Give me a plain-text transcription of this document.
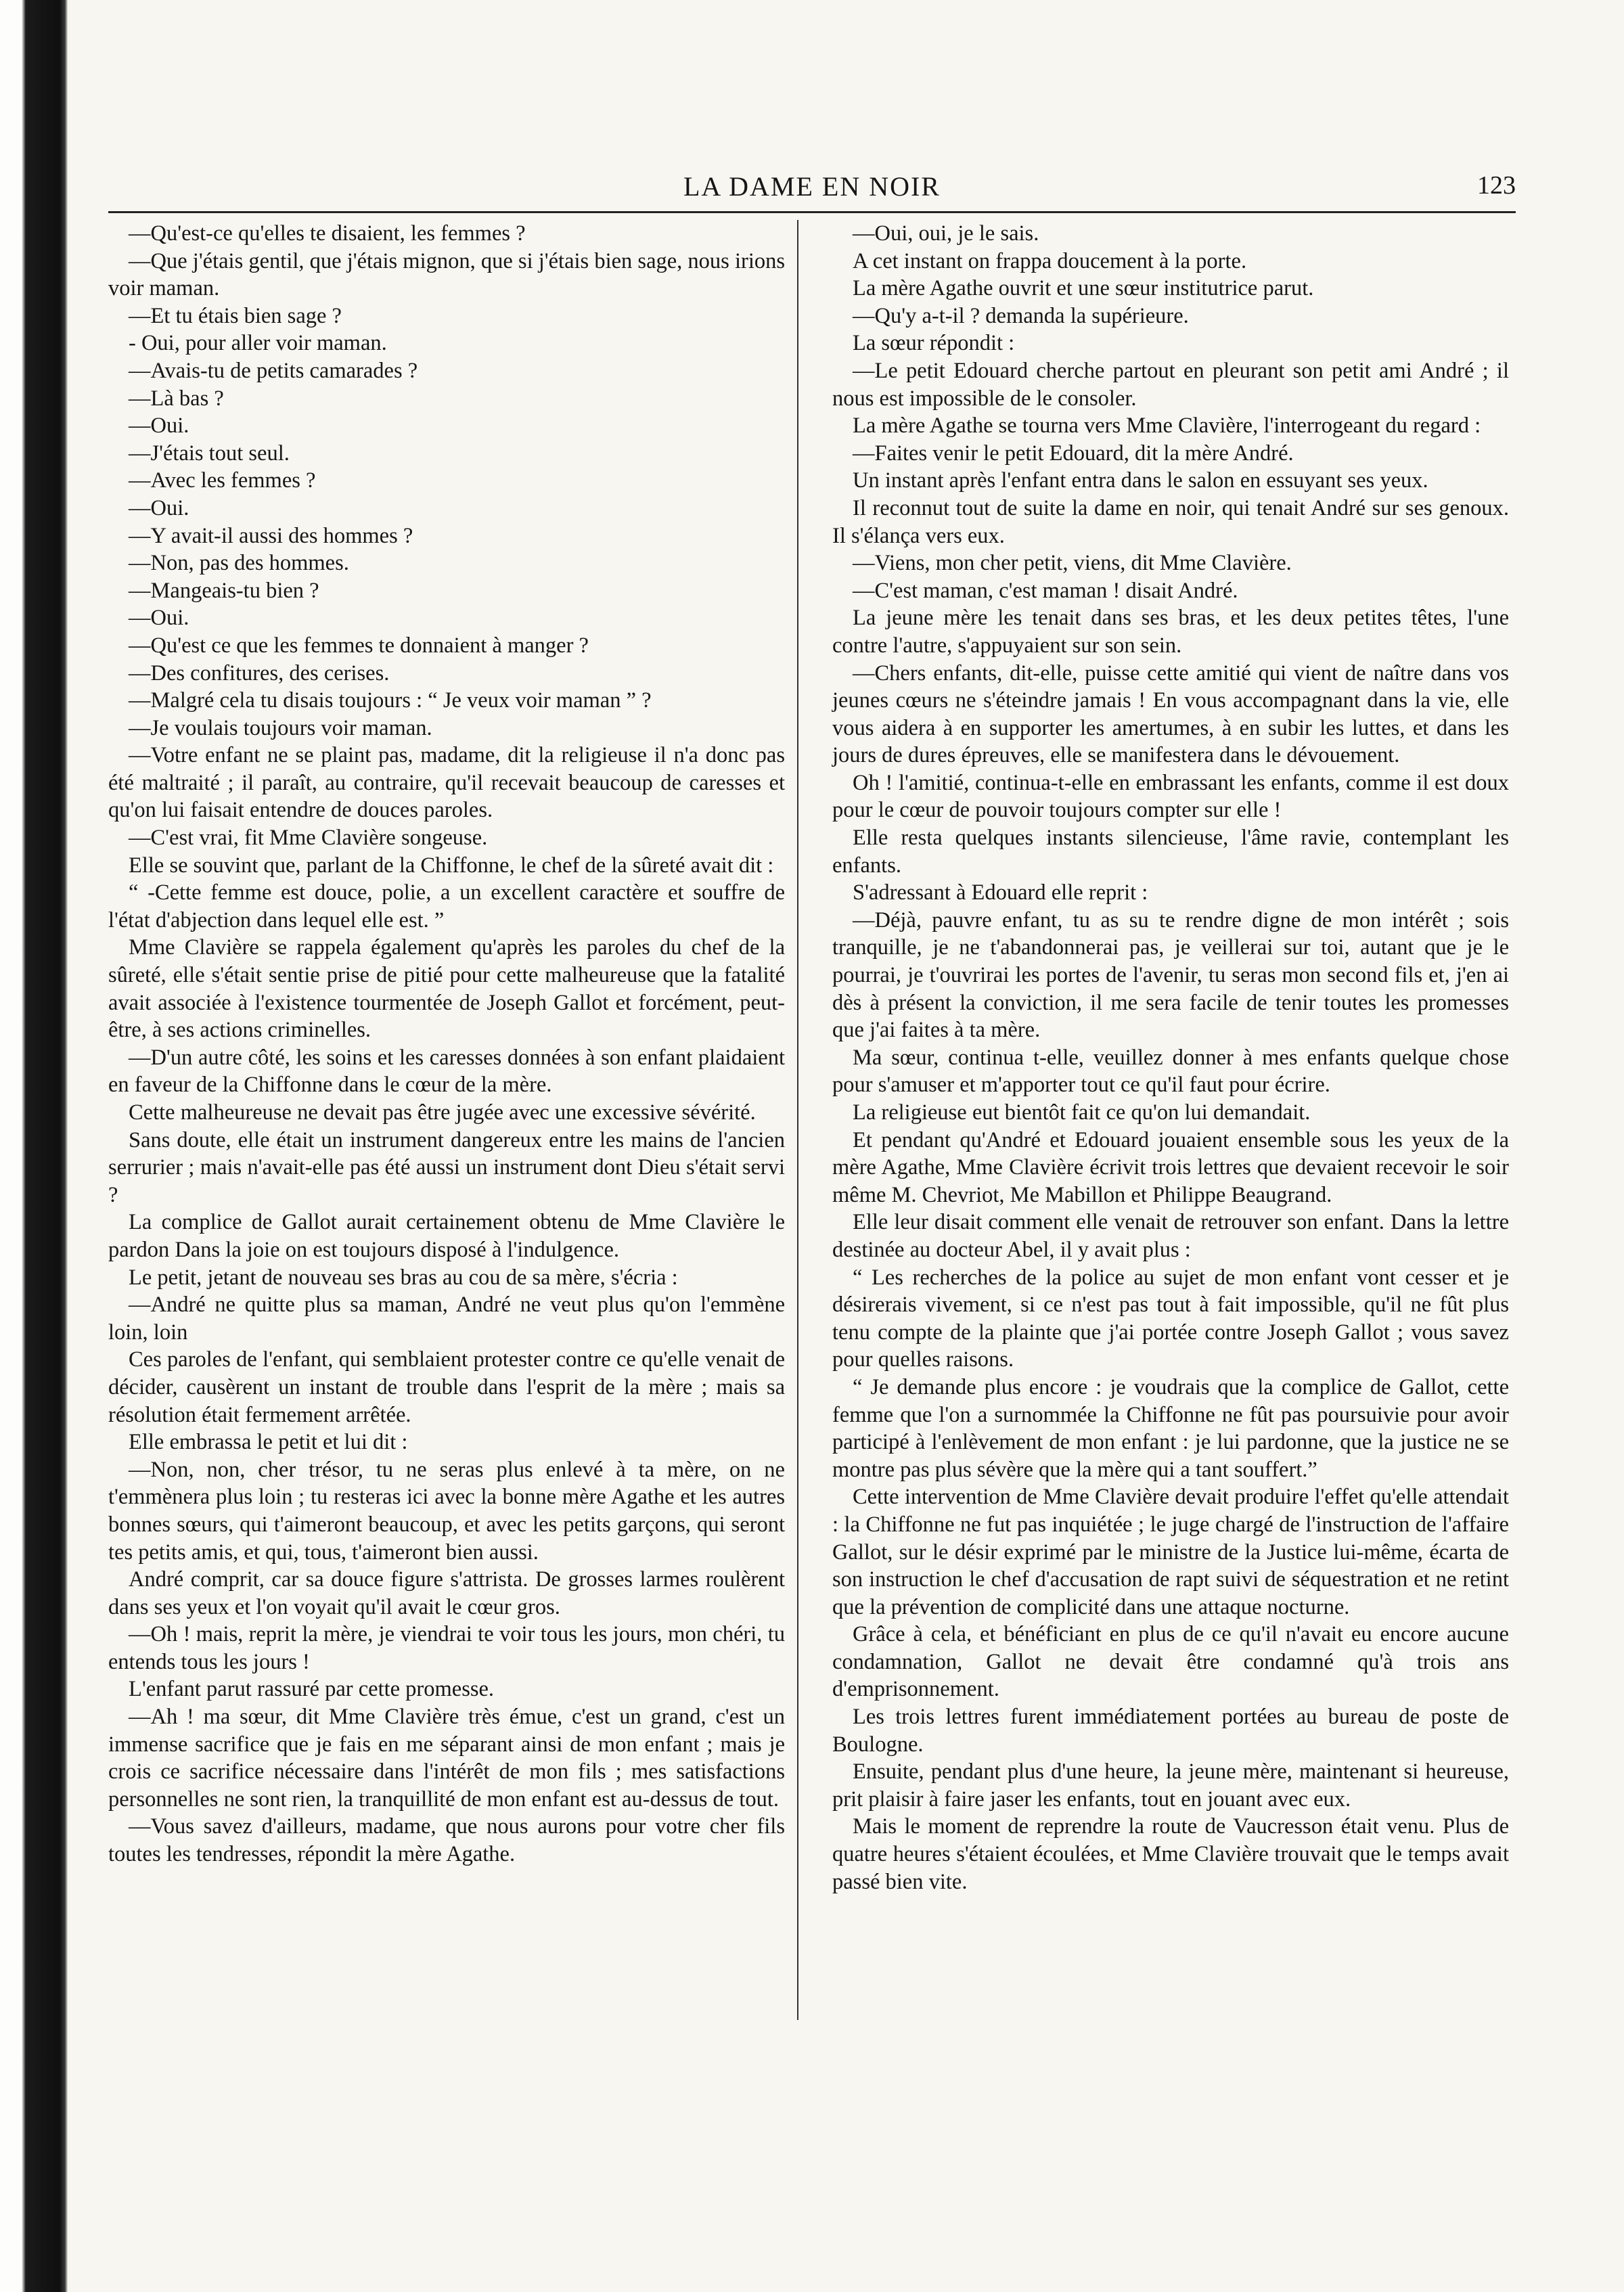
LA DAME EN NOIR	123

—Qu'est-ce qu'elles te disaient, les femmes ?

—Que j'étais gentil, que j'étais mignon, que si j'étais bien sage, nous irions voir maman.

—Et tu étais bien sage ?

- Oui, pour aller voir maman.

—Avais-tu de petits camarades ?

—Là bas ?

—Oui.

—J'étais tout seul.

—Avec les femmes ?

—Oui.

—Y avait-il aussi des hommes ?

—Non, pas des hommes.

—Mangeais-tu bien ?

—Oui.

—Qu'est ce que les femmes te donnaient à manger ?

—Des confitures, des cerises.

—Malgré cela tu disais toujours : “ Je veux voir maman ” ?

—Je voulais toujours voir maman.

—Votre enfant ne se plaint pas, madame, dit la religieuse il n'a donc pas été maltraité ; il paraît, au contraire, qu'il recevait beaucoup de caresses et qu'on lui faisait entendre de douces paroles.

—C'est vrai, fit Mme Clavière songeuse.

Elle se souvint que, parlant de la Chiffonne, le chef de la sûreté avait dit :

“ -Cette femme est douce, polie, a un excellent caractère et souffre de l'état d'abjection dans lequel elle est. ”

Mme Clavière se rappela également qu'après les paroles du chef de la sûreté, elle s'était sentie prise de pitié pour cette malheureuse que la fatalité avait associée à l'existence tourmentée de Joseph Gallot et forcément, peut-être, à ses actions criminelles.

—D'un autre côté, les soins et les caresses données à son enfant plaidaient en faveur de la Chiffonne dans le cœur de la mère.

Cette malheureuse ne devait pas être jugée avec une excessive sévérité.

Sans doute, elle était un instrument dangereux entre les mains de l'ancien serrurier ; mais n'avait-elle pas été aussi un instrument dont Dieu s'était servi ?

La complice de Gallot aurait certainement obtenu de Mme Clavière le pardon Dans la joie on est toujours disposé à l'indulgence.

Le petit, jetant de nouveau ses bras au cou de sa mère, s'écria :

—André ne quitte plus sa maman, André ne veut plus qu'on l'emmène loin, loin

Ces paroles de l'enfant, qui semblaient protester contre ce qu'elle venait de décider, causèrent un instant de trouble dans l'esprit de la mère ; mais sa résolution était fermement arrêtée.

Elle embrassa le petit et lui dit :

—Non, non, cher trésor, tu ne seras plus enlevé à ta mère, on ne t'emmènera plus loin ; tu resteras ici avec la bonne mère Agathe et les autres bonnes sœurs, qui t'aimeront beaucoup, et avec les petits garçons, qui seront tes petits amis, et qui, tous, t'aimeront bien aussi.

André comprit, car sa douce figure s'attrista. De grosses larmes roulèrent dans ses yeux et l'on voyait qu'il avait le cœur gros.

—Oh ! mais, reprit la mère, je viendrai te voir tous les jours, mon chéri, tu entends tous les jours !

L'enfant parut rassuré par cette promesse.

—Ah ! ma sœur, dit Mme Clavière très émue, c'est un grand, c'est un immense sacrifice que je fais en me séparant ainsi de mon enfant ; mais je crois ce sacrifice nécessaire dans l'intérêt de mon fils ; mes satisfactions personnelles ne sont rien, la tranquillité de mon enfant est au-dessus de tout.

—Vous savez d'ailleurs, madame, que nous aurons pour votre cher fils toutes les tendresses, répondit la mère Agathe.

—Oui, oui, je le sais.

A cet instant on frappa doucement à la porte.

La mère Agathe ouvrit et une sœur institutrice parut.

—Qu'y a-t-il ? demanda la supérieure.

La sœur répondit :

—Le petit Edouard cherche partout en pleurant son petit ami André ; il nous est impossible de le consoler.

La mère Agathe se tourna vers Mme Clavière, l'interrogeant du regard :

—Faites venir le petit Edouard, dit la mère André.

Un instant après l'enfant entra dans le salon en essuyant ses yeux.

Il reconnut tout de suite la dame en noir, qui tenait André sur ses genoux. Il s'élança vers eux.

—Viens, mon cher petit, viens, dit Mme Clavière.

—C'est maman, c'est maman ! disait André.

La jeune mère les tenait dans ses bras, et les deux petites têtes, l'une contre l'autre, s'appuyaient sur son sein.

—Chers enfants, dit-elle, puisse cette amitié qui vient de naître dans vos jeunes cœurs ne s'éteindre jamais ! En vous accompagnant dans la vie, elle vous aidera à en supporter les amertumes, à en subir les luttes, et dans les jours de dures épreuves, elle se manifestera dans le dévouement.

Oh ! l'amitié, continua-t-elle en embrassant les enfants, comme il est doux pour le cœur de pouvoir toujours compter sur elle !

Elle resta quelques instants silencieuse, l'âme ravie, contemplant les enfants.

S'adressant à Edouard elle reprit :

—Déjà, pauvre enfant, tu as su te rendre digne de mon intérêt ; sois tranquille, je ne t'abandonnerai pas, je veillerai sur toi, autant que je le pourrai, je t'ouvrirai les portes de l'avenir, tu seras mon second fils et, j'en ai dès à présent la conviction, il me sera facile de tenir toutes les promesses que j'ai faites à ta mère.

Ma sœur, continua t-elle, veuillez donner à mes enfants quelque chose pour s'amuser et m'apporter tout ce qu'il faut pour écrire.

La religieuse eut bientôt fait ce qu'on lui demandait.

Et pendant qu'André et Edouard jouaient ensemble sous les yeux de la mère Agathe, Mme Clavière écrivit trois lettres que devaient recevoir le soir même M. Chevriot, Me Mabillon et Philippe Beaugrand.

Elle leur disait comment elle venait de retrouver son enfant. Dans la lettre destinée au docteur Abel, il y avait plus :

“ Les recherches de la police au sujet de mon enfant vont cesser et je désirerais vivement, si ce n'est pas tout à fait impossible, qu'il ne fût plus tenu compte de la plainte que j'ai portée contre Joseph Gallot ; vous savez pour quelles raisons.

“ Je demande plus encore : je voudrais que la complice de Gallot, cette femme que l'on a surnommée la Chiffonne ne fût pas poursuivie pour avoir participé à l'enlèvement de mon enfant : je lui pardonne, que la justice ne se montre pas plus sévère que la mère qui a tant souffert.”

Cette intervention de Mme Clavière devait produire l'effet qu'elle attendait : la Chiffonne ne fut pas inquiétée ; le juge chargé de l'instruction de l'affaire Gallot, sur le désir exprimé par le ministre de la Justice lui-même, écarta de son instruction le chef d'accusation de rapt suivi de séquestration et ne retint que la prévention de complicité dans une attaque nocturne.

Grâce à cela, et bénéficiant en plus de ce qu'il n'avait eu encore aucune condamnation, Gallot ne devait être condamné qu'à trois ans d'emprisonnement.

Les trois lettres furent immédiatement portées au bureau de poste de Boulogne.

Ensuite, pendant plus d'une heure, la jeune mère, maintenant si heureuse, prit plaisir à faire jaser les enfants, tout en jouant avec eux.

Mais le moment de reprendre la route de Vaucresson était venu. Plus de quatre heures s'étaient écoulées, et Mme Clavière trouvait que le temps avait passé bien vite.
